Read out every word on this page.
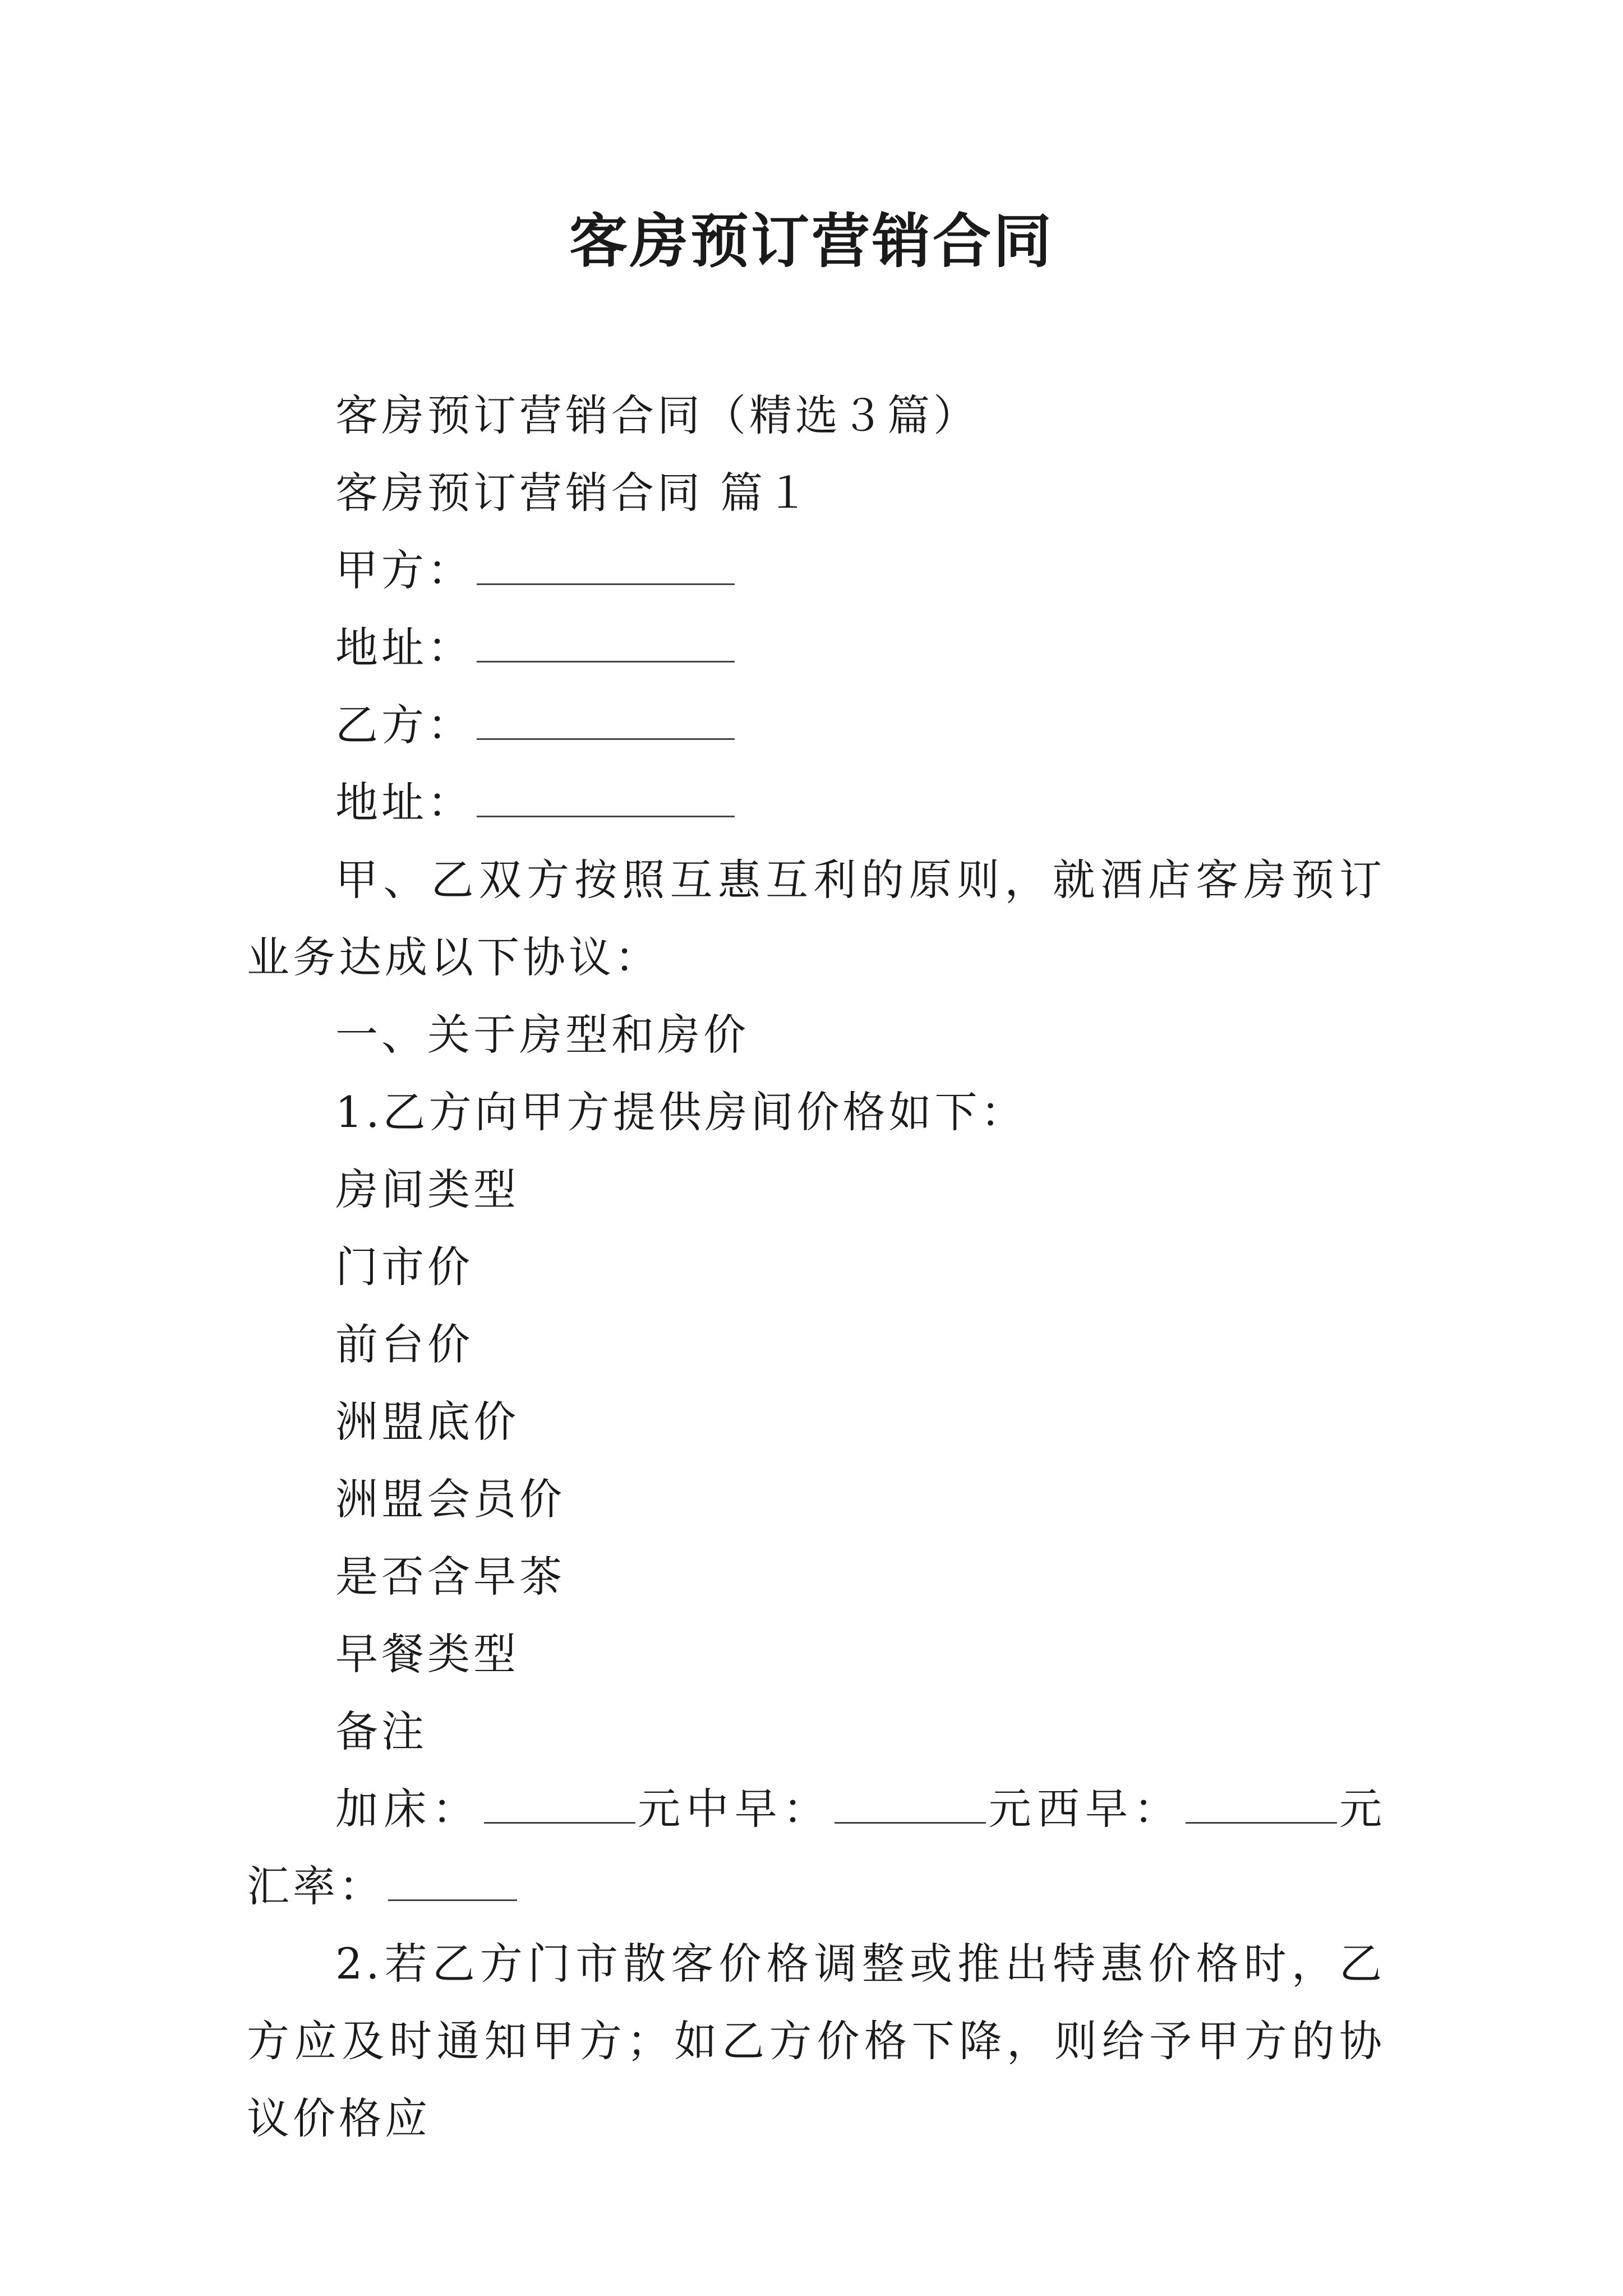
客房预订营销合同

客房预订营销合同（精选３篇）

客房预订营销合同 篇１

甲方：

地址：

乙方：

地址：

甲、乙双方按照互惠互利的原则，就酒店客房预订业务达成以下协议：

一、关于房型和房价

1.乙方向甲方提供房间价格如下：

房间类型

门市价

前台价

洲盟底价

洲盟会员价

是否含早茶

早餐类型

备注

加床：	元中早：	元西早：	元汇率：

2.若乙方门市散客价格调整或推出特惠价格时，乙方应及时通知甲方；如乙方价格下降，则给予甲方的协议价格应
